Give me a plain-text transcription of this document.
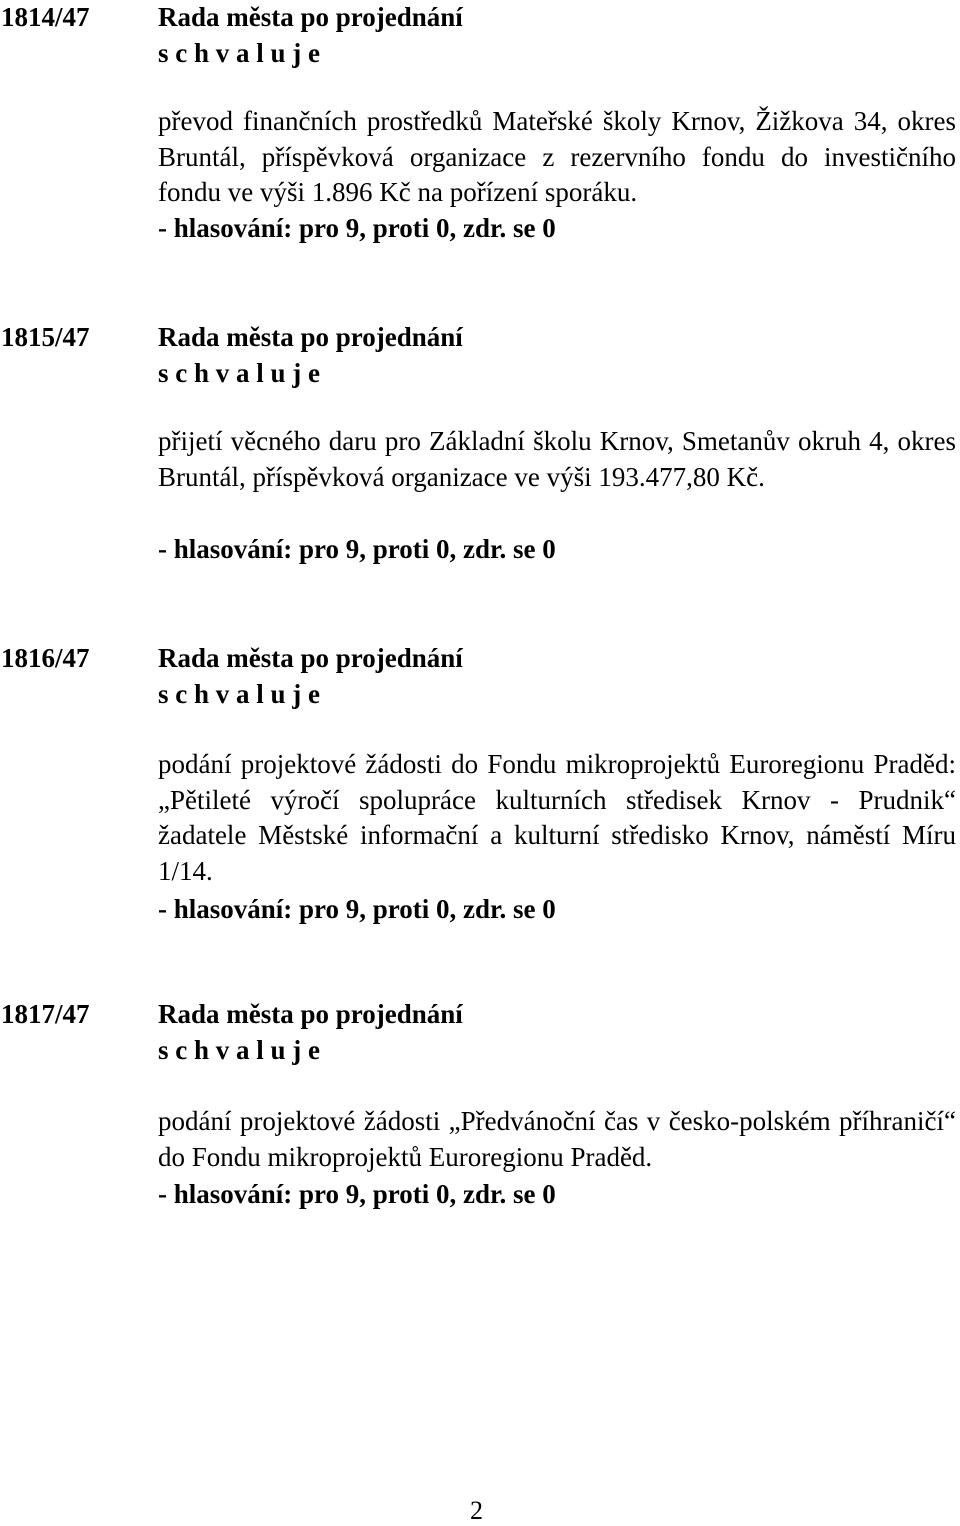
1814/47	Rada města po projednání
s c h v a l u j e
převod finančních prostředků Mateřské školy Krnov, Žižkova 34, okres Bruntál, příspěvková organizace z rezervního fondu do investičního fondu ve výši 1.896 Kč na pořízení sporáku.
- hlasování: pro 9, proti 0, zdr. se 0
1815/47	Rada města po projednání
s c h v a l u j e
přijetí věcného daru pro Základní školu Krnov, Smetanův okruh 4, okres Bruntál, příspěvková organizace ve výši 193.477,80 Kč.
- hlasování: pro 9, proti 0, zdr. se 0
1816/47	Rada města po projednání
s c h v a l u j e
podání projektové žádosti do Fondu mikroprojektů Euroregionu Praděd: „Pětileté výročí spolupráce kulturních středisek Krnov - Prudnik“ žadatele Městské informační a kulturní středisko Krnov, náměstí Míru 1/14.
- hlasování: pro 9, proti 0, zdr. se 0
1817/47	Rada města po projednání
s c h v a l u j e
podání projektové žádosti „Předvánoční čas v česko-polském příhraničí“ do Fondu mikroprojektů Euroregionu Praděd.
- hlasování: pro 9, proti 0, zdr. se 0
2
